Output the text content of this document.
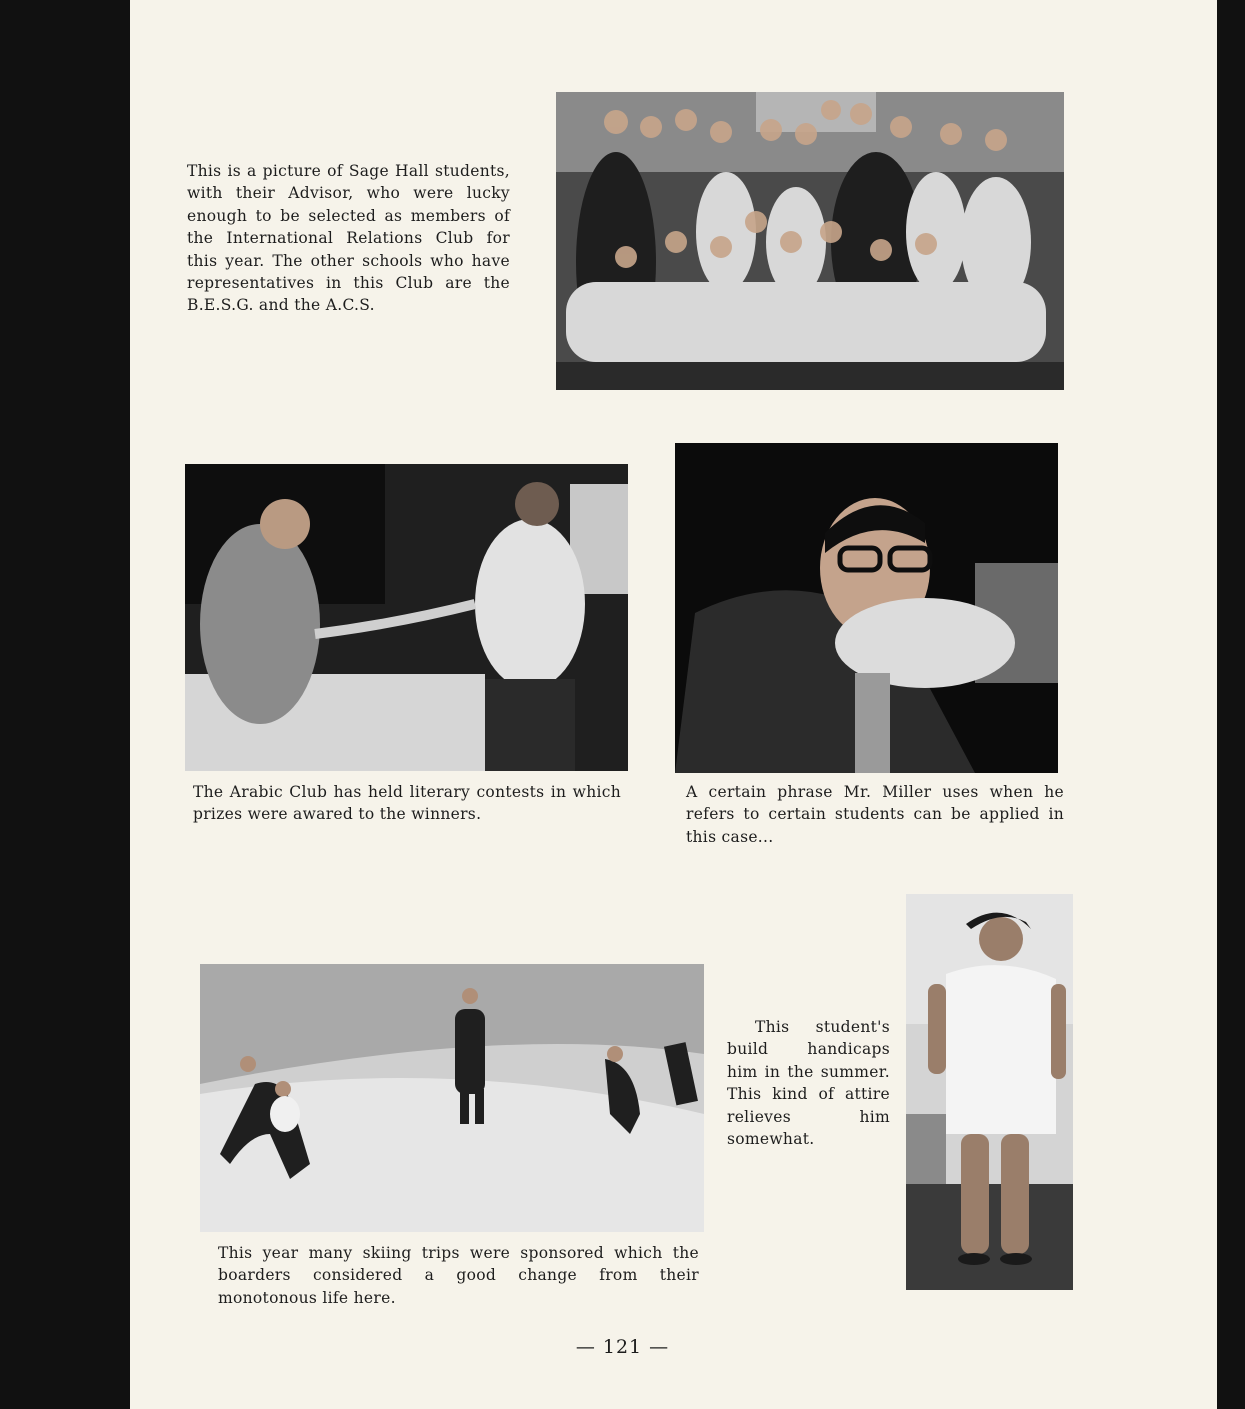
This is a picture of Sage Hall students, with their Advisor, who were lucky enough to be selected as members of the International Relations Club for this year. The other schools who have representatives in this Club are the B.E.S.G. and the A.C.S.
The Arabic Club has held literary contests in which prizes were awared to the winners.
A certain phrase Mr. Miller uses when he refers to certain students can be applied in this case...
This student's build handicaps him in the summer. This kind of attire relieves him somewhat.
This year many skiing trips were sponsored which the boarders considered a good change from their monotonous life here.
— 121 —
